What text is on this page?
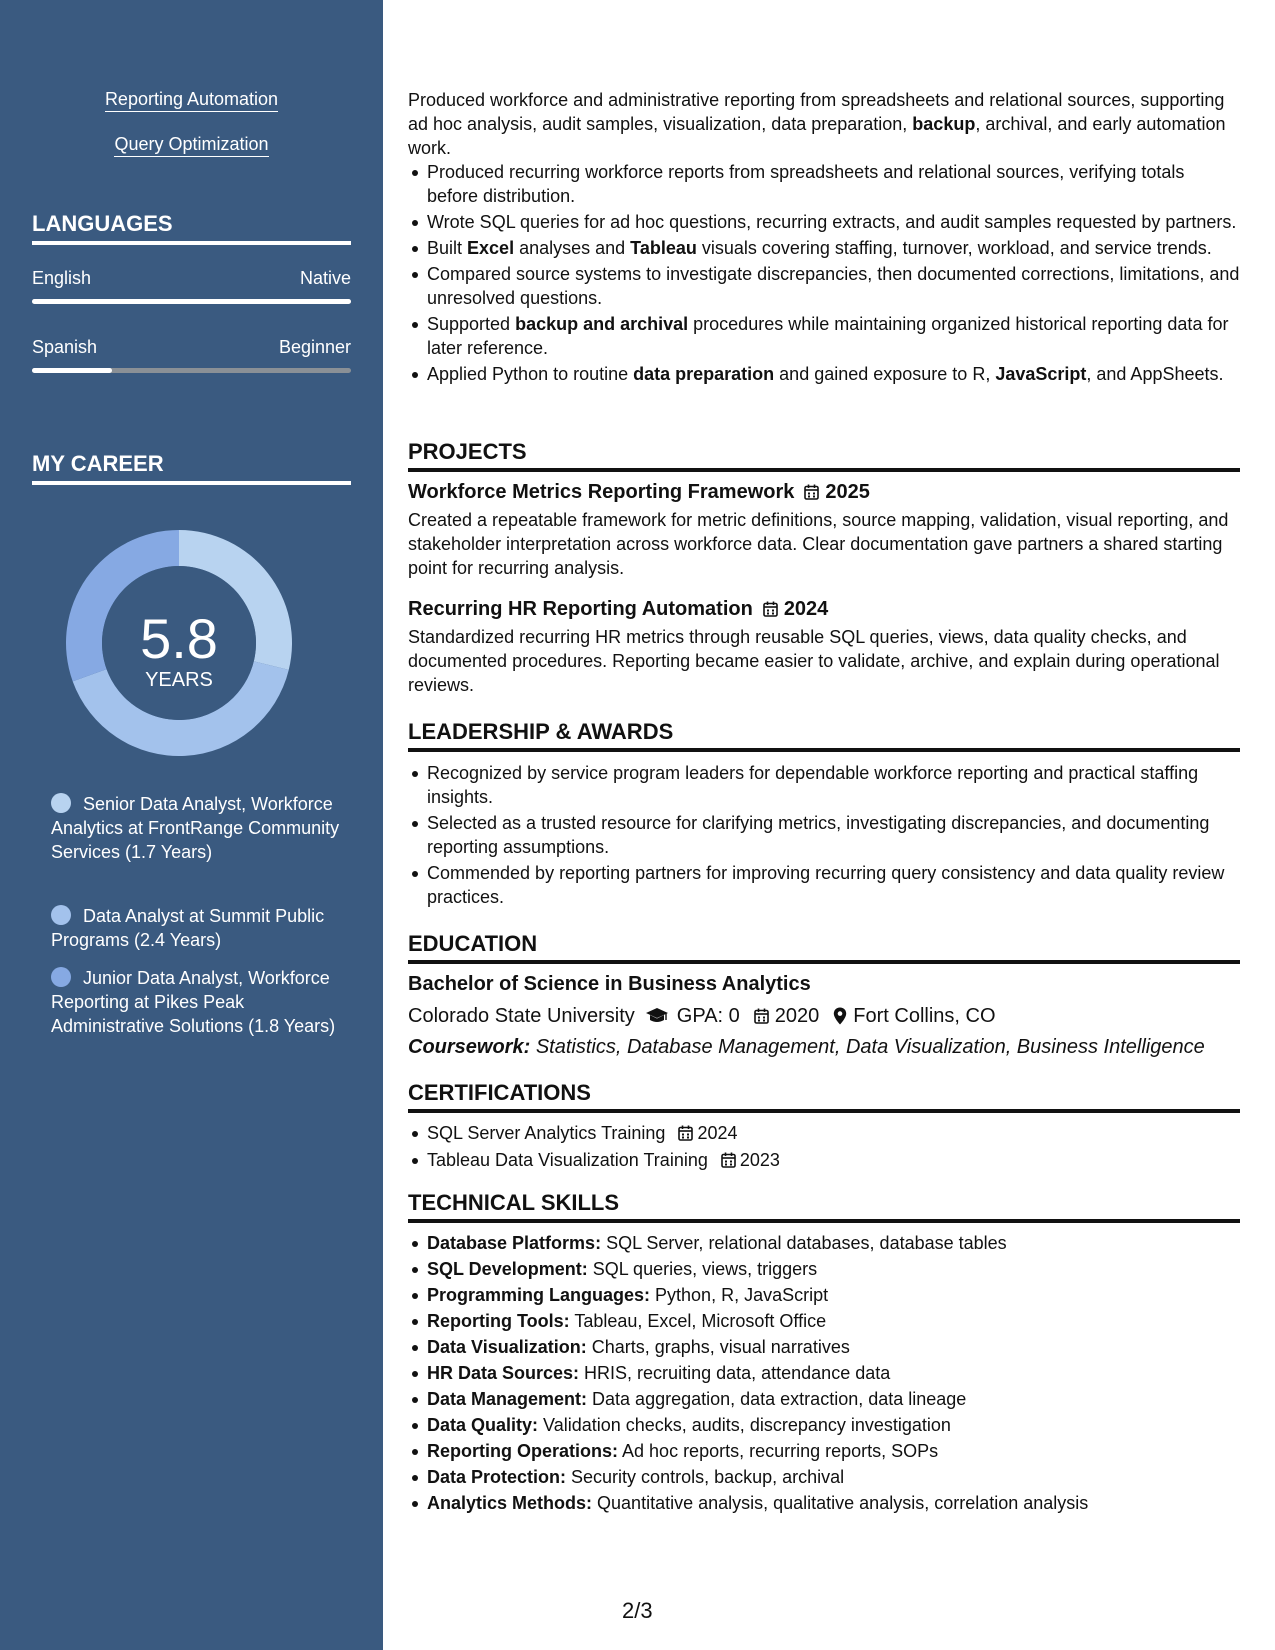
Reporting Automation
Query Optimization
LANGUAGES
English	Native
Spanish	Beginner
MY CAREER
5.8
YEARS
Senior Data Analyst, Workforce Analytics at FrontRange Community Services (1.7 Years)
Data Analyst at Summit Public Programs (2.4 Years)
Junior Data Analyst, Workforce Reporting at Pikes Peak Administrative Solutions (1.8 Years)

Produced workforce and administrative reporting from spreadsheets and relational sources, supporting ad hoc analysis, audit samples, visualization, data preparation, backup, archival, and early automation work.

Produced recurring workforce reports from spreadsheets and relational sources, verifying totals before distribution.
Wrote SQL queries for ad hoc questions, recurring extracts, and audit samples requested by partners.
Built Excel analyses and Tableau visuals covering staffing, turnover, workload, and service trends.
Compared source systems to investigate discrepancies, then documented corrections, limitations, and unresolved questions.
Supported backup and archival procedures while maintaining organized historical reporting data for later reference.
Applied Python to routine data preparation and gained exposure to R, JavaScript, and AppSheets.
PROJECTS
Workforce Metrics Reporting Framework 2025

Created a repeatable framework for metric definitions, source mapping, validation, visual reporting, and stakeholder interpretation across workforce data. Clear documentation gave partners a shared starting point for recurring analysis.

Recurring HR Reporting Automation 2024

Standardized recurring HR metrics through reusable SQL queries, views, data quality checks, and documented procedures. Reporting became easier to validate, archive, and explain during operational reviews.

LEADERSHIP & AWARDS
Recognized by service program leaders for dependable workforce reporting and practical staffing insights.
Selected as a trusted resource for clarifying metrics, investigating discrepancies, and documenting reporting assumptions.
Commended by reporting partners for improving recurring query consistency and data quality review practices.
EDUCATION
Bachelor of Science in Business Analytics
Colorado State University GPA: 0 2020 Fort Collins, CO
Coursework: Statistics, Database Management, Data Visualization, Business Intelligence
CERTIFICATIONS
SQL Server Analytics Training 2024
Tableau Data Visualization Training 2023
TECHNICAL SKILLS
Database Platforms: SQL Server, relational databases, database tables
SQL Development: SQL queries, views, triggers
Programming Languages: Python, R, JavaScript
Reporting Tools: Tableau, Excel, Microsoft Office
Data Visualization: Charts, graphs, visual narratives
HR Data Sources: HRIS, recruiting data, attendance data
Data Management: Data aggregation, data extraction, data lineage
Data Quality: Validation checks, audits, discrepancy investigation
Reporting Operations: Ad hoc reports, recurring reports, SOPs
Data Protection: Security controls, backup, archival
Analytics Methods: Quantitative analysis, qualitative analysis, correlation analysis
2/3
